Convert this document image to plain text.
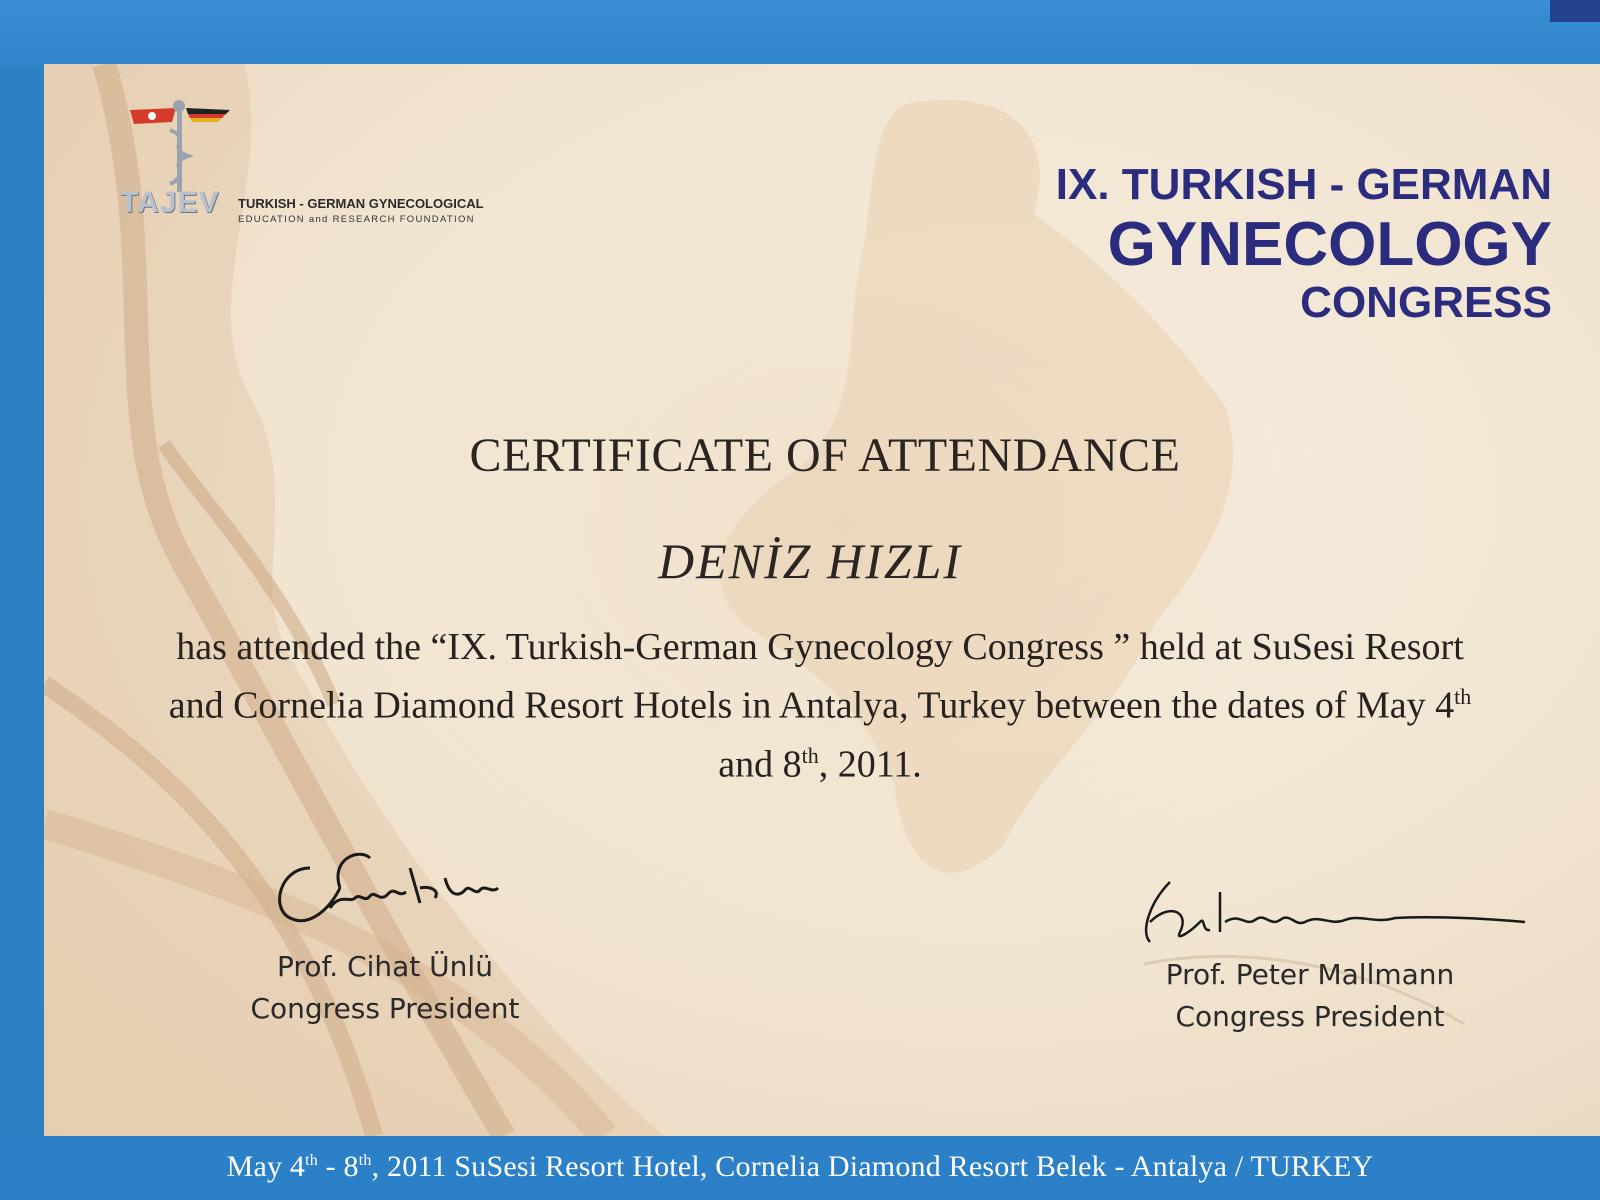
TAJEV TURKISH - GERMAN GYNECOLOGICAL
EDUCATION and RESEARCH FOUNDATION
IX. TURKISH - GERMAN
GYNECOLOGY
CONGRESS
CERTIFICATE OF ATTENDANCE
DENİZ HIZLI
has attended the “IX. Turkish-German Gynecology Congress ” held at SuSesi Resort and Cornelia Diamond Resort Hotels in Antalya, Turkey between the dates of May 4th and 8th, 2011.
Prof. Cihat Ünlü
Congress President
Prof. Peter Mallmann
Congress President
May 4th - 8th, 2011 SuSesi Resort Hotel, Cornelia Diamond Resort Belek - Antalya / TURKEY
